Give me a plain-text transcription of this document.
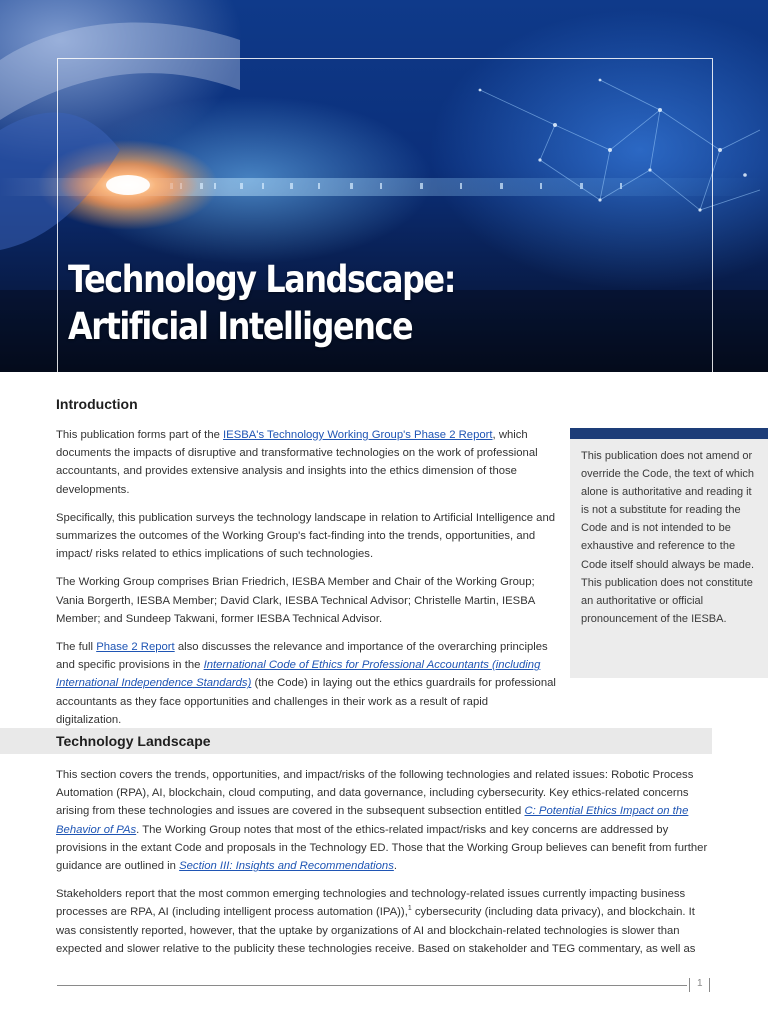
Technology Landscape:
Artificial Intelligence
Introduction

This publication forms part of the IESBA's Technology Working Group's Phase 2 Report, which documents the impacts of disruptive and transformative technologies on the work of professional accountants, and provides extensive analysis and insights into the ethics dimension of those developments.

Specifically, this publication surveys the technology landscape in relation to Artificial Intelligence and summarizes the outcomes of the Working Group's fact-finding into the trends, opportunities, and impact/ risks related to ethics implications of such technologies.

The Working Group comprises Brian Friedrich, IESBA Member and Chair of the Working Group; Vania Borgerth, IESBA Member; David Clark, IESBA Technical Advisor; Christelle Martin, IESBA Member; and Sundeep Takwani, former IESBA Technical Advisor.

The full Phase 2 Report also discusses the relevance and importance of the overarching principles and specific provisions in the International Code of Ethics for Professional Accountants (including International Independence Standards) (the Code) in laying out the ethics guardrails for professional accountants as they face opportunities and challenges in their work as a result of rapid digitalization.

This publication does not amend or override the Code, the text of which alone is authoritative and reading it is not a substitute for reading the Code and is not intended to be exhaustive and reference to the Code itself should always be made. This publication does not constitute an authoritative or official pronouncement of the IESBA.

Technology Landscape

This section covers the trends, opportunities, and impact/risks of the following technologies and related issues: Robotic Process Automation (RPA), AI, blockchain, cloud computing, and data governance, including cybersecurity. Key ethics-related concerns arising from these technologies and issues are covered in the subsequent subsection entitled C: Potential Ethics Impact on the Behavior of PAs. The Working Group notes that most of the ethics-related impact/risks and key concerns are addressed by provisions in the extant Code and proposals in the Technology ED. Those that the Working Group believes can benefit from further guidance are outlined in Section III: Insights and Recommendations.

Stakeholders report that the most common emerging technologies and technology-related issues currently impacting business processes are RPA, AI (including intelligent process automation (IPA)),$^1$ cybersecurity (including data privacy), and blockchain. It was consistently reported, however, that the uptake by organizations of AI and blockchain-related technologies is slower than expected and slower relative to the publicity these technologies receive. Based on stakeholder and TEG commentary, as well as

1
